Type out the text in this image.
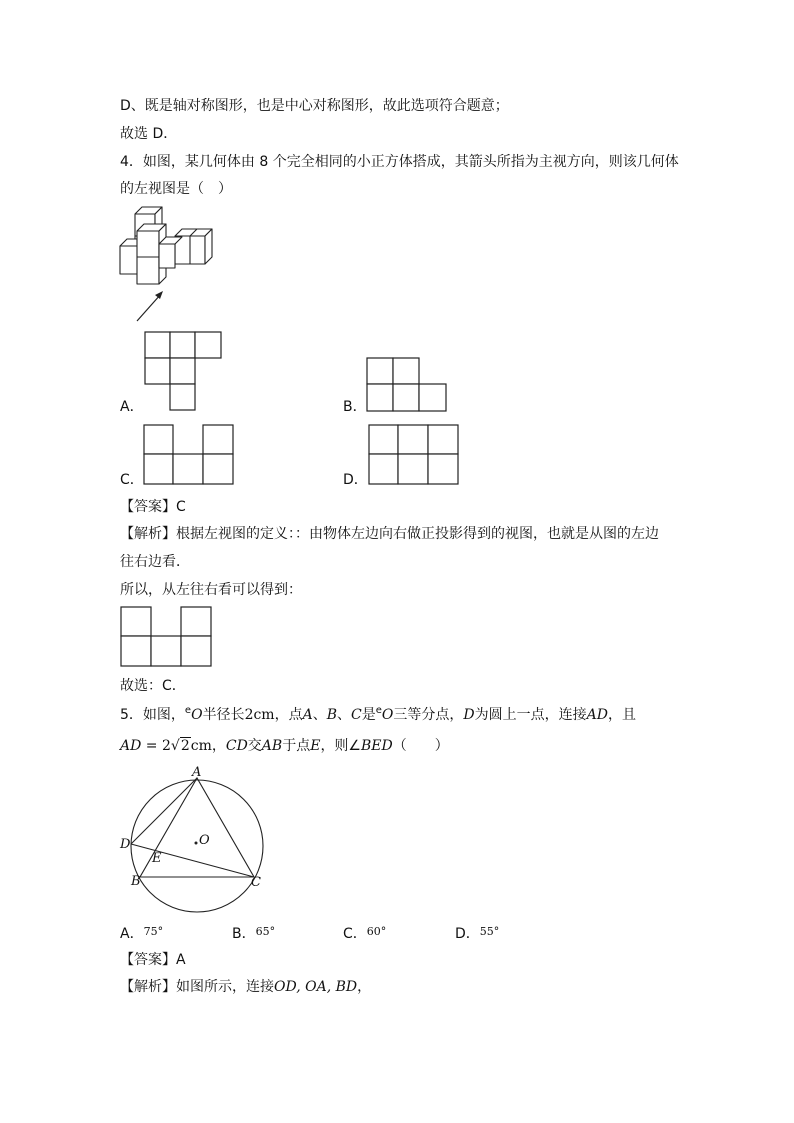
D、既是轴对称图形，也是中心对称图形，故此选项符合题意；
故选 D．
4．如图，某几何体由 8 个完全相同的小正方体搭成，其箭头所指为主视方向，则该几何体
的左视图是（　）
A．	B．
C．	D．
【答案】C
【解析】根据左视图的定义：：由物体左边向右做正投影得到的视图，也就是从图的左边
往右边看．
所以，从左往右看可以得到：
故选：C．
5．如图，$^e$O半径长2cm，点A、B、C是$^e$O三等分点，D为圆上一点，连接AD，且
AD = 2√2cm，CD交AB于点E，则∠BED（　　）
A
D
E
O
B	C
A．$^{75^\circ}$	B．$^{65^\circ}$	C．$^{60^\circ}$	D．$^{55^\circ}$
【答案】A
【解析】如图所示，连接OD, OA, BD，
